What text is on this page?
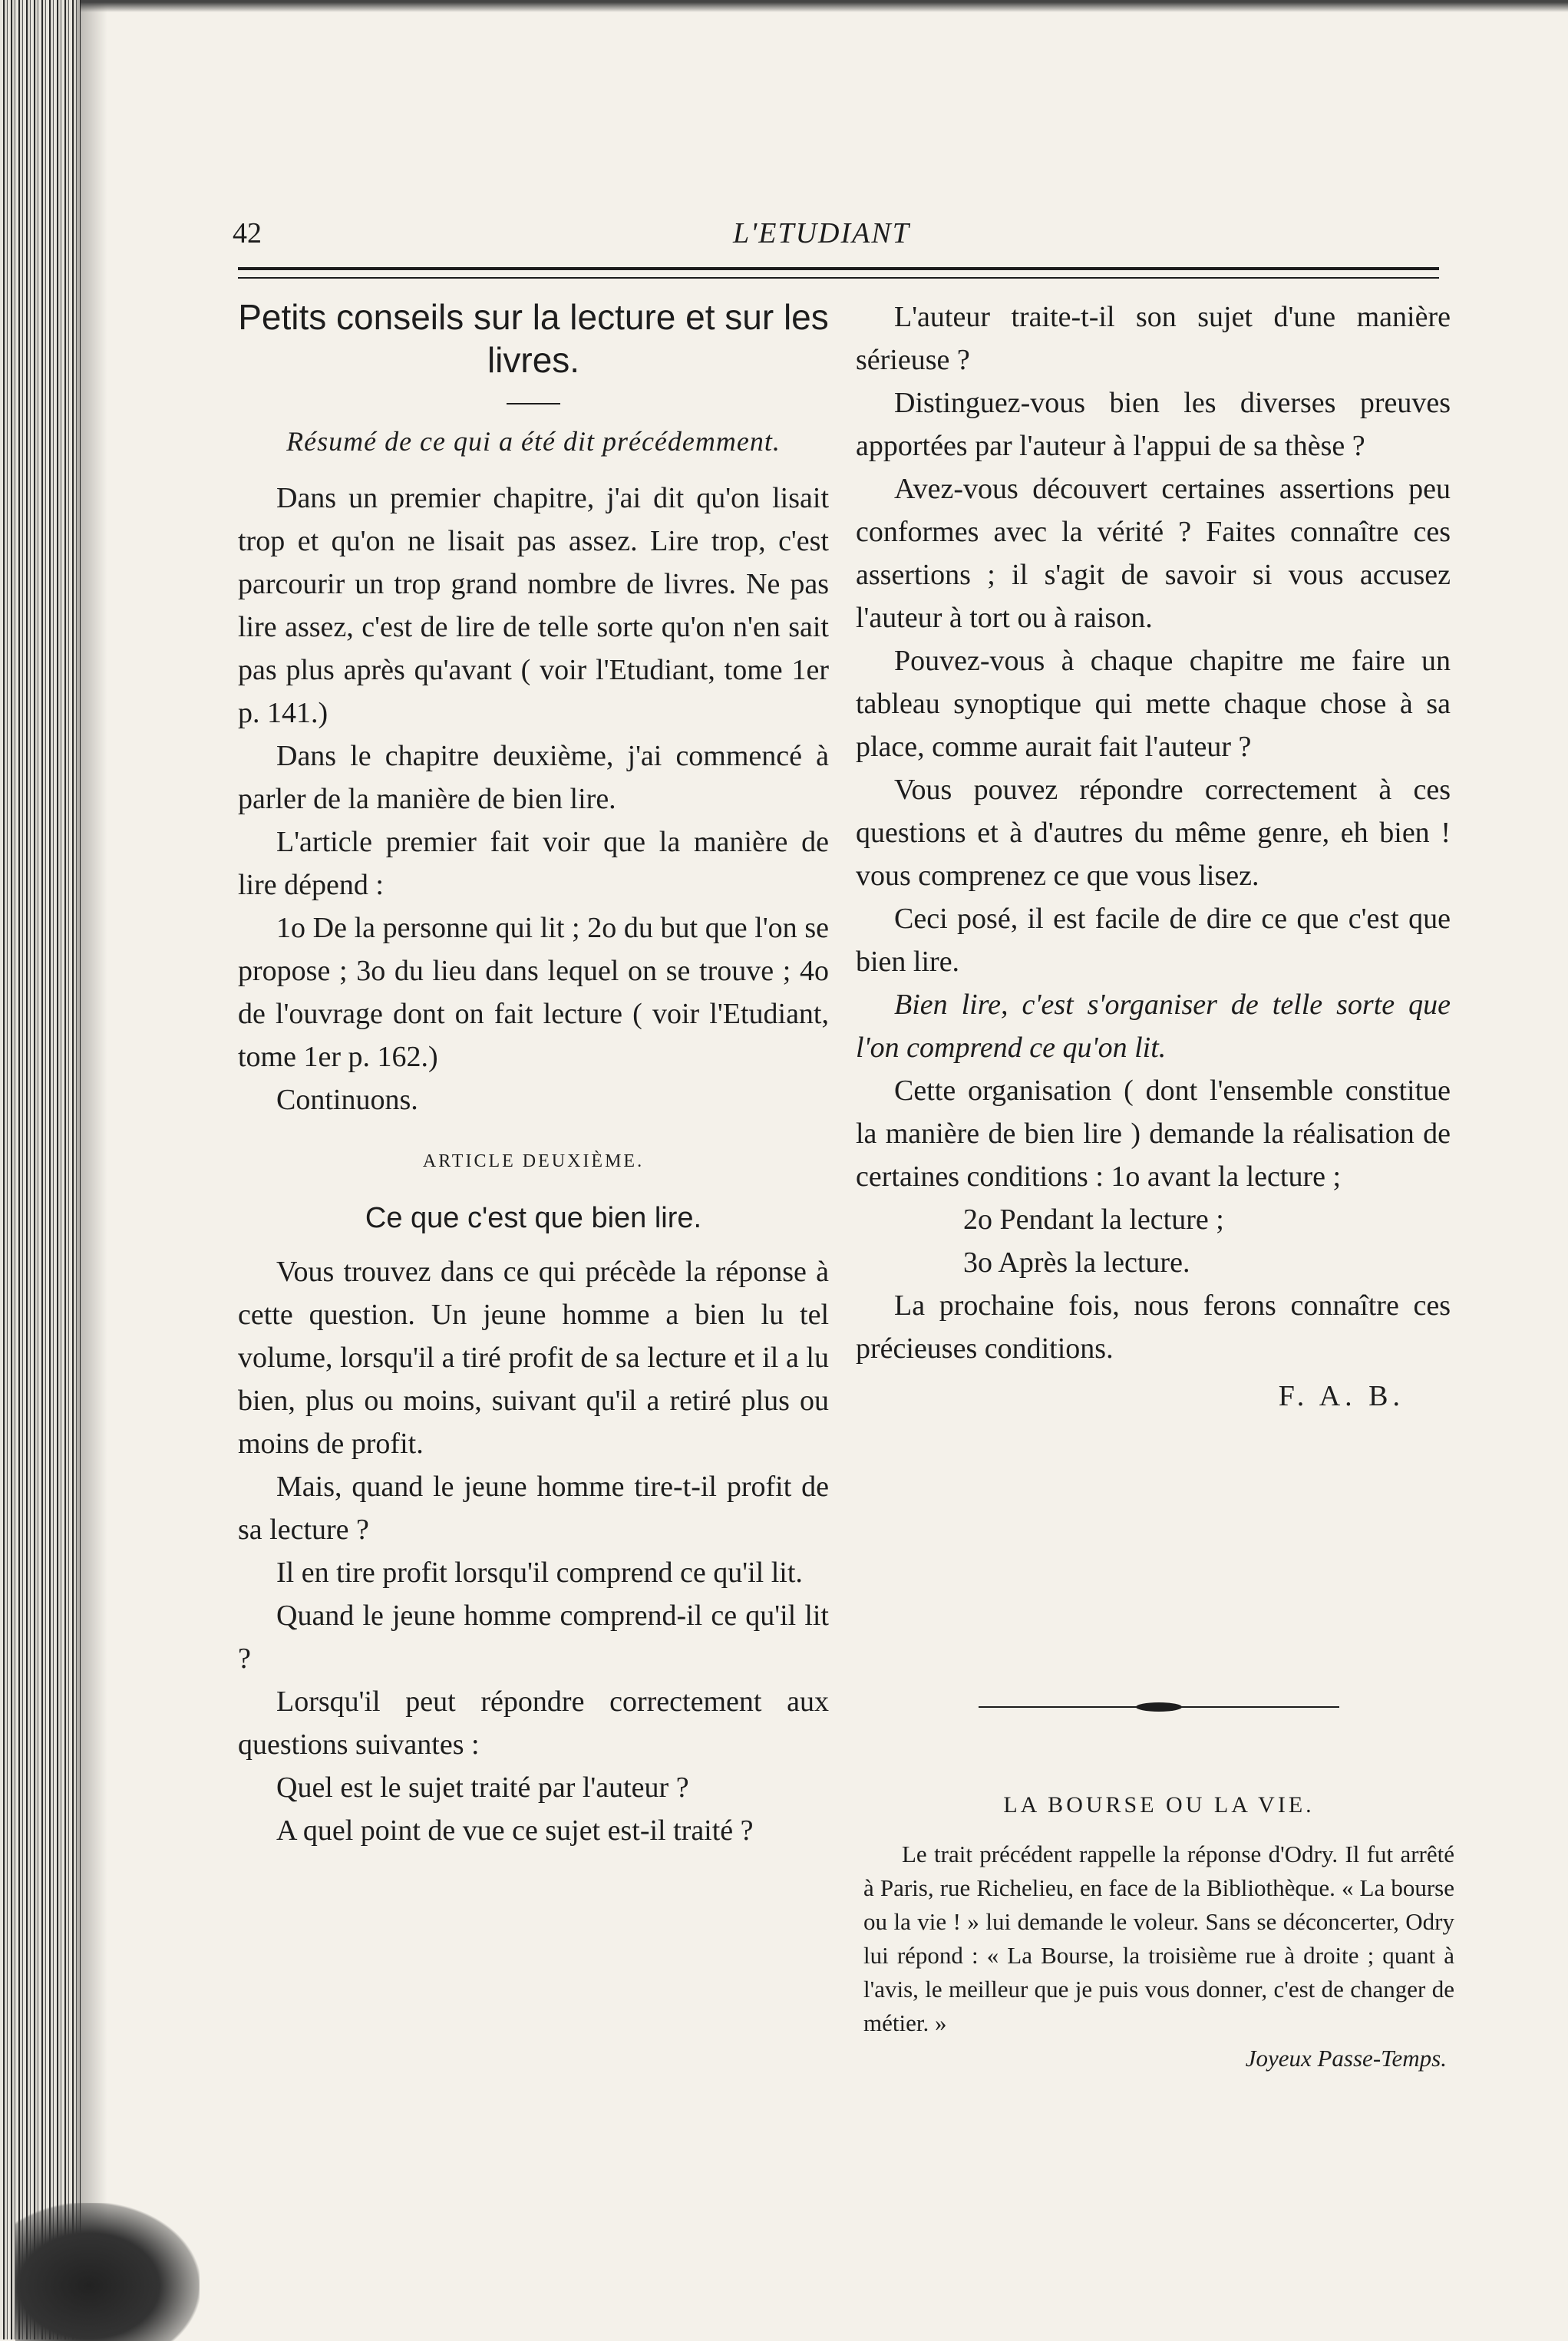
42	L'ETUDIANT
Petits conseils sur la lecture et sur les livres.
Résumé de ce qui a été dit précédemment.

Dans un premier chapitre, j'ai dit qu'on lisait trop et qu'on ne lisait pas assez. Lire trop, c'est parcourir un trop grand nombre de livres. Ne pas lire assez, c'est de lire de telle sorte qu'on n'en sait pas plus après qu'avant ( voir l'Etudiant, tome 1er p. 141.)

Dans le chapitre deuxième, j'ai commencé à parler de la manière de bien lire.

L'article premier fait voir que la manière de lire dépend :

1o De la personne qui lit ; 2o du but que l'on se propose ; 3o du lieu dans lequel on se trouve ; 4o de l'ouvrage dont on fait lecture ( voir l'Etudiant, tome 1er p. 162.)

Continuons.

ARTICLE DEUXIÈME.
Ce que c'est que bien lire.

Vous trouvez dans ce qui précède la réponse à cette question. Un jeune homme a bien lu tel volume, lorsqu'il a tiré profit de sa lecture et il a lu bien, plus ou moins, suivant qu'il a retiré plus ou moins de profit.

Mais, quand le jeune homme tire-t-il profit de sa lecture ?

Il en tire profit lorsqu'il comprend ce qu'il lit.

Quand le jeune homme comprend-il ce qu'il lit ?

Lorsqu'il peut répondre correctement aux questions suivantes :

Quel est le sujet traité par l'auteur ?

A quel point de vue ce sujet est-il traité ?

L'auteur traite-t-il son sujet d'une manière sérieuse ?

Distinguez-vous bien les diverses preuves apportées par l'auteur à l'appui de sa thèse ?

Avez-vous découvert certaines assertions peu conformes avec la vérité ? Faites connaître ces assertions ; il s'agit de savoir si vous accusez l'auteur à tort ou à raison.

Pouvez-vous à chaque chapitre me faire un tableau synoptique qui mette chaque chose à sa place, comme aurait fait l'auteur ?

Vous pouvez répondre correctement à ces questions et à d'autres du même genre, eh bien ! vous comprenez ce que vous lisez.

Ceci posé, il est facile de dire ce que c'est que bien lire.

Bien lire, c'est s'organiser de telle sorte que l'on comprend ce qu'on lit.

Cette organisation ( dont l'ensemble constitue la manière de bien lire ) demande la réalisation de certaines conditions : 1o avant la lecture ;

2o Pendant la lecture ;

3o Après la lecture.

La prochaine fois, nous ferons connaître ces précieuses conditions.

F. A. B.
LA BOURSE OU LA VIE.

Le trait précédent rappelle la réponse d'Odry. Il fut arrêté à Paris, rue Richelieu, en face de la Bibliothèque. « La bourse ou la vie ! » lui demande le voleur. Sans se déconcerter, Odry lui répond : « La Bourse, la troisième rue à droite ; quant à l'avis, le meilleur que je puis vous donner, c'est de changer de métier. »

Joyeux Passe-Temps.
